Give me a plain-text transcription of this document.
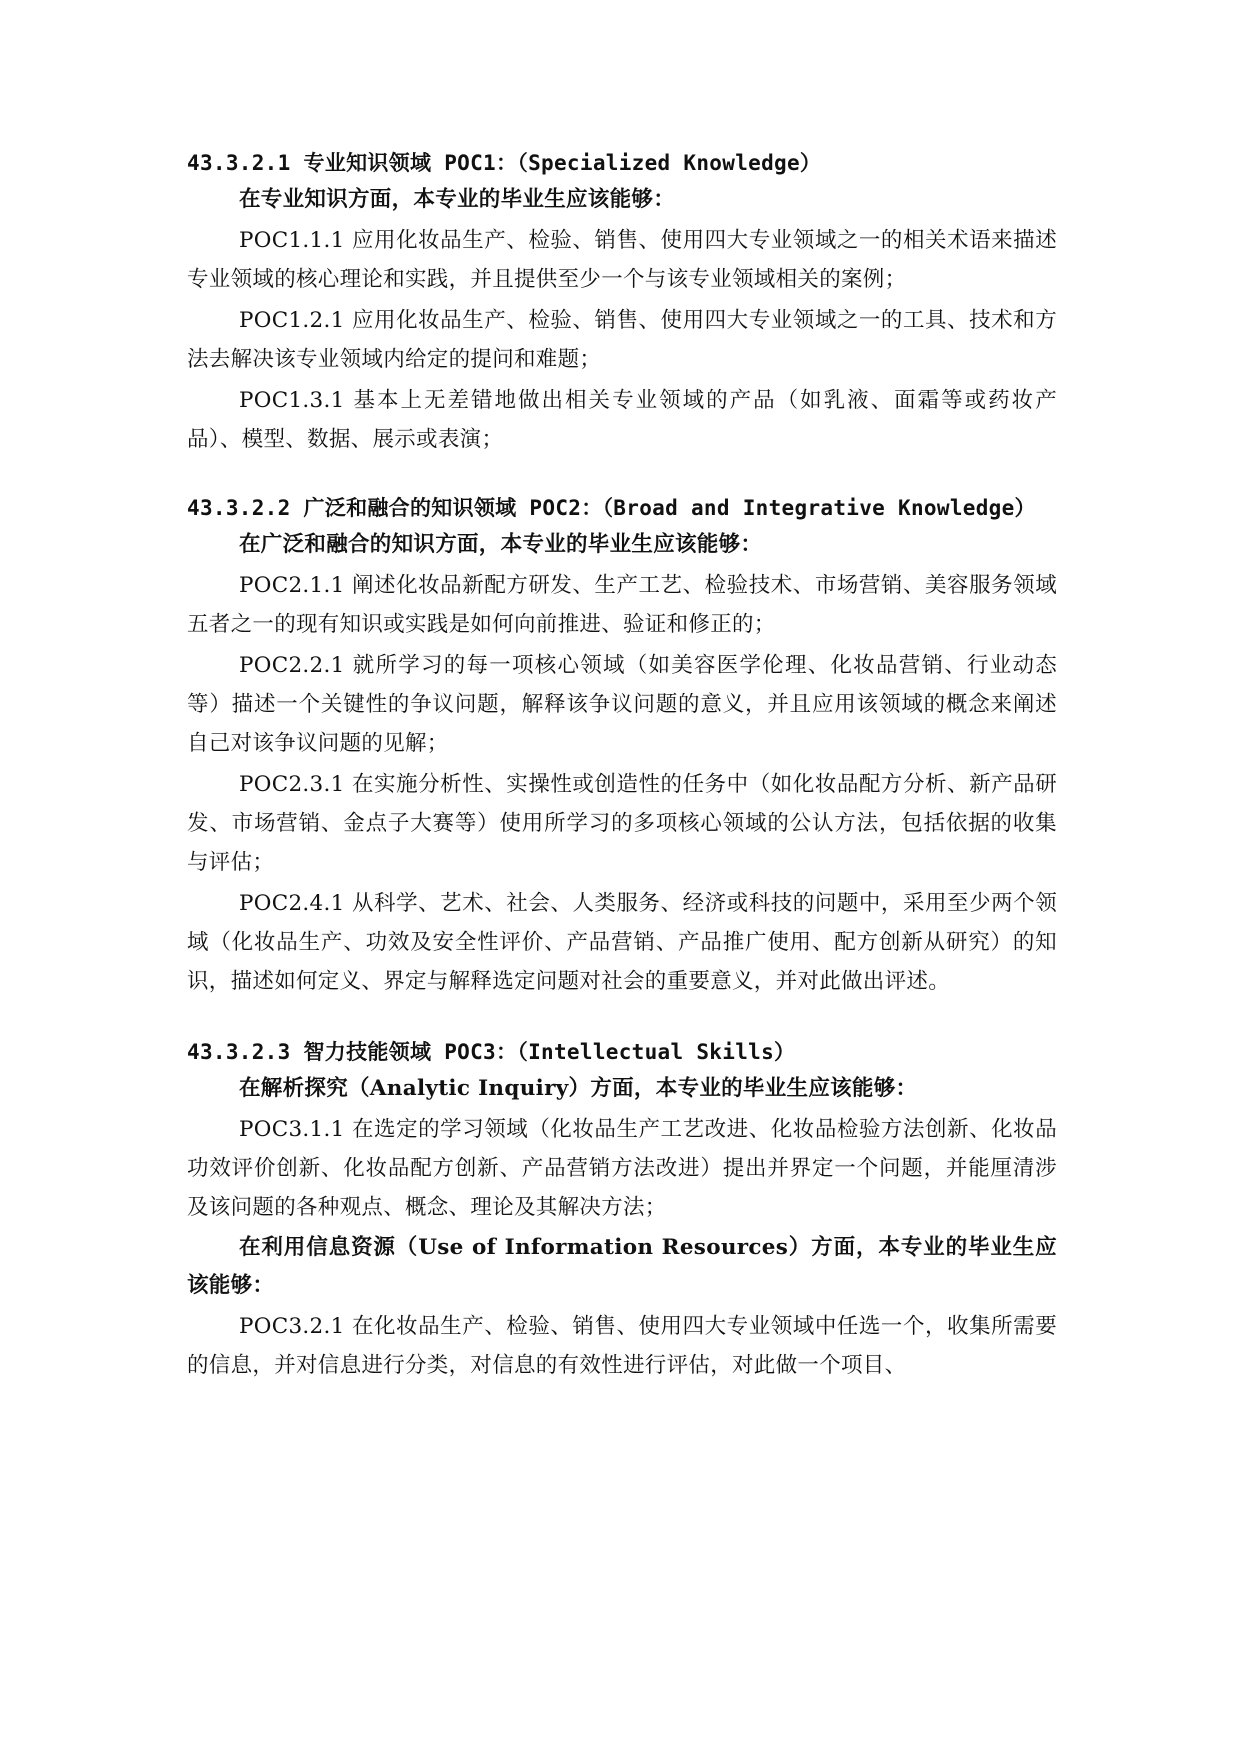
43.3.2.1 专业知识领域 POC1：（Specialized Knowledge）

在专业知识方面，本专业的毕业生应该能够：

POC1.1.1 应用化妆品生产、检验、销售、使用四大专业领域之一的相关术语来描述专业领域的核心理论和实践，并且提供至少一个与该专业领域相关的案例；

POC1.2.1 应用化妆品生产、检验、销售、使用四大专业领域之一的工具、技术和方法去解决该专业领域内给定的提问和难题；

POC1.3.1 基本上无差错地做出相关专业领域的产品（如乳液、面霜等或药妆产品）、模型、数据、展示或表演；

43.3.2.2 广泛和融合的知识领域 POC2：（Broad and Integrative Knowledge）

在广泛和融合的知识方面，本专业的毕业生应该能够：

POC2.1.1 阐述化妆品新配方研发、生产工艺、检验技术、市场营销、美容服务领域五者之一的现有知识或实践是如何向前推进、验证和修正的；

POC2.2.1 就所学习的每一项核心领域（如美容医学伦理、化妆品营销、行业动态等）描述一个关键性的争议问题，解释该争议问题的意义，并且应用该领域的概念来阐述自己对该争议问题的见解；

POC2.3.1 在实施分析性、实操性或创造性的任务中（如化妆品配方分析、新产品研发、市场营销、金点子大赛等）使用所学习的多项核心领域的公认方法，包括依据的收集与评估；

POC2.4.1 从科学、艺术、社会、人类服务、经济或科技的问题中，采用至少两个领域（化妆品生产、功效及安全性评价、产品营销、产品推广使用、配方创新从研究）的知识，描述如何定义、界定与解释选定问题对社会的重要意义，并对此做出评述。

43.3.2.3 智力技能领域 POC3：（Intellectual Skills）

在解析探究（Analytic Inquiry）方面，本专业的毕业生应该能够：

POC3.1.1 在选定的学习领域（化妆品生产工艺改进、化妆品检验方法创新、化妆品功效评价创新、化妆品配方创新、产品营销方法改进）提出并界定一个问题，并能厘清涉及该问题的各种观点、概念、理论及其解决方法；

在利用信息资源（Use of Information Resources）方面，本专业的毕业生应该能够：

POC3.2.1 在化妆品生产、检验、销售、使用四大专业领域中任选一个，收集所需要的信息，并对信息进行分类，对信息的有效性进行评估，对此做一个项目、
